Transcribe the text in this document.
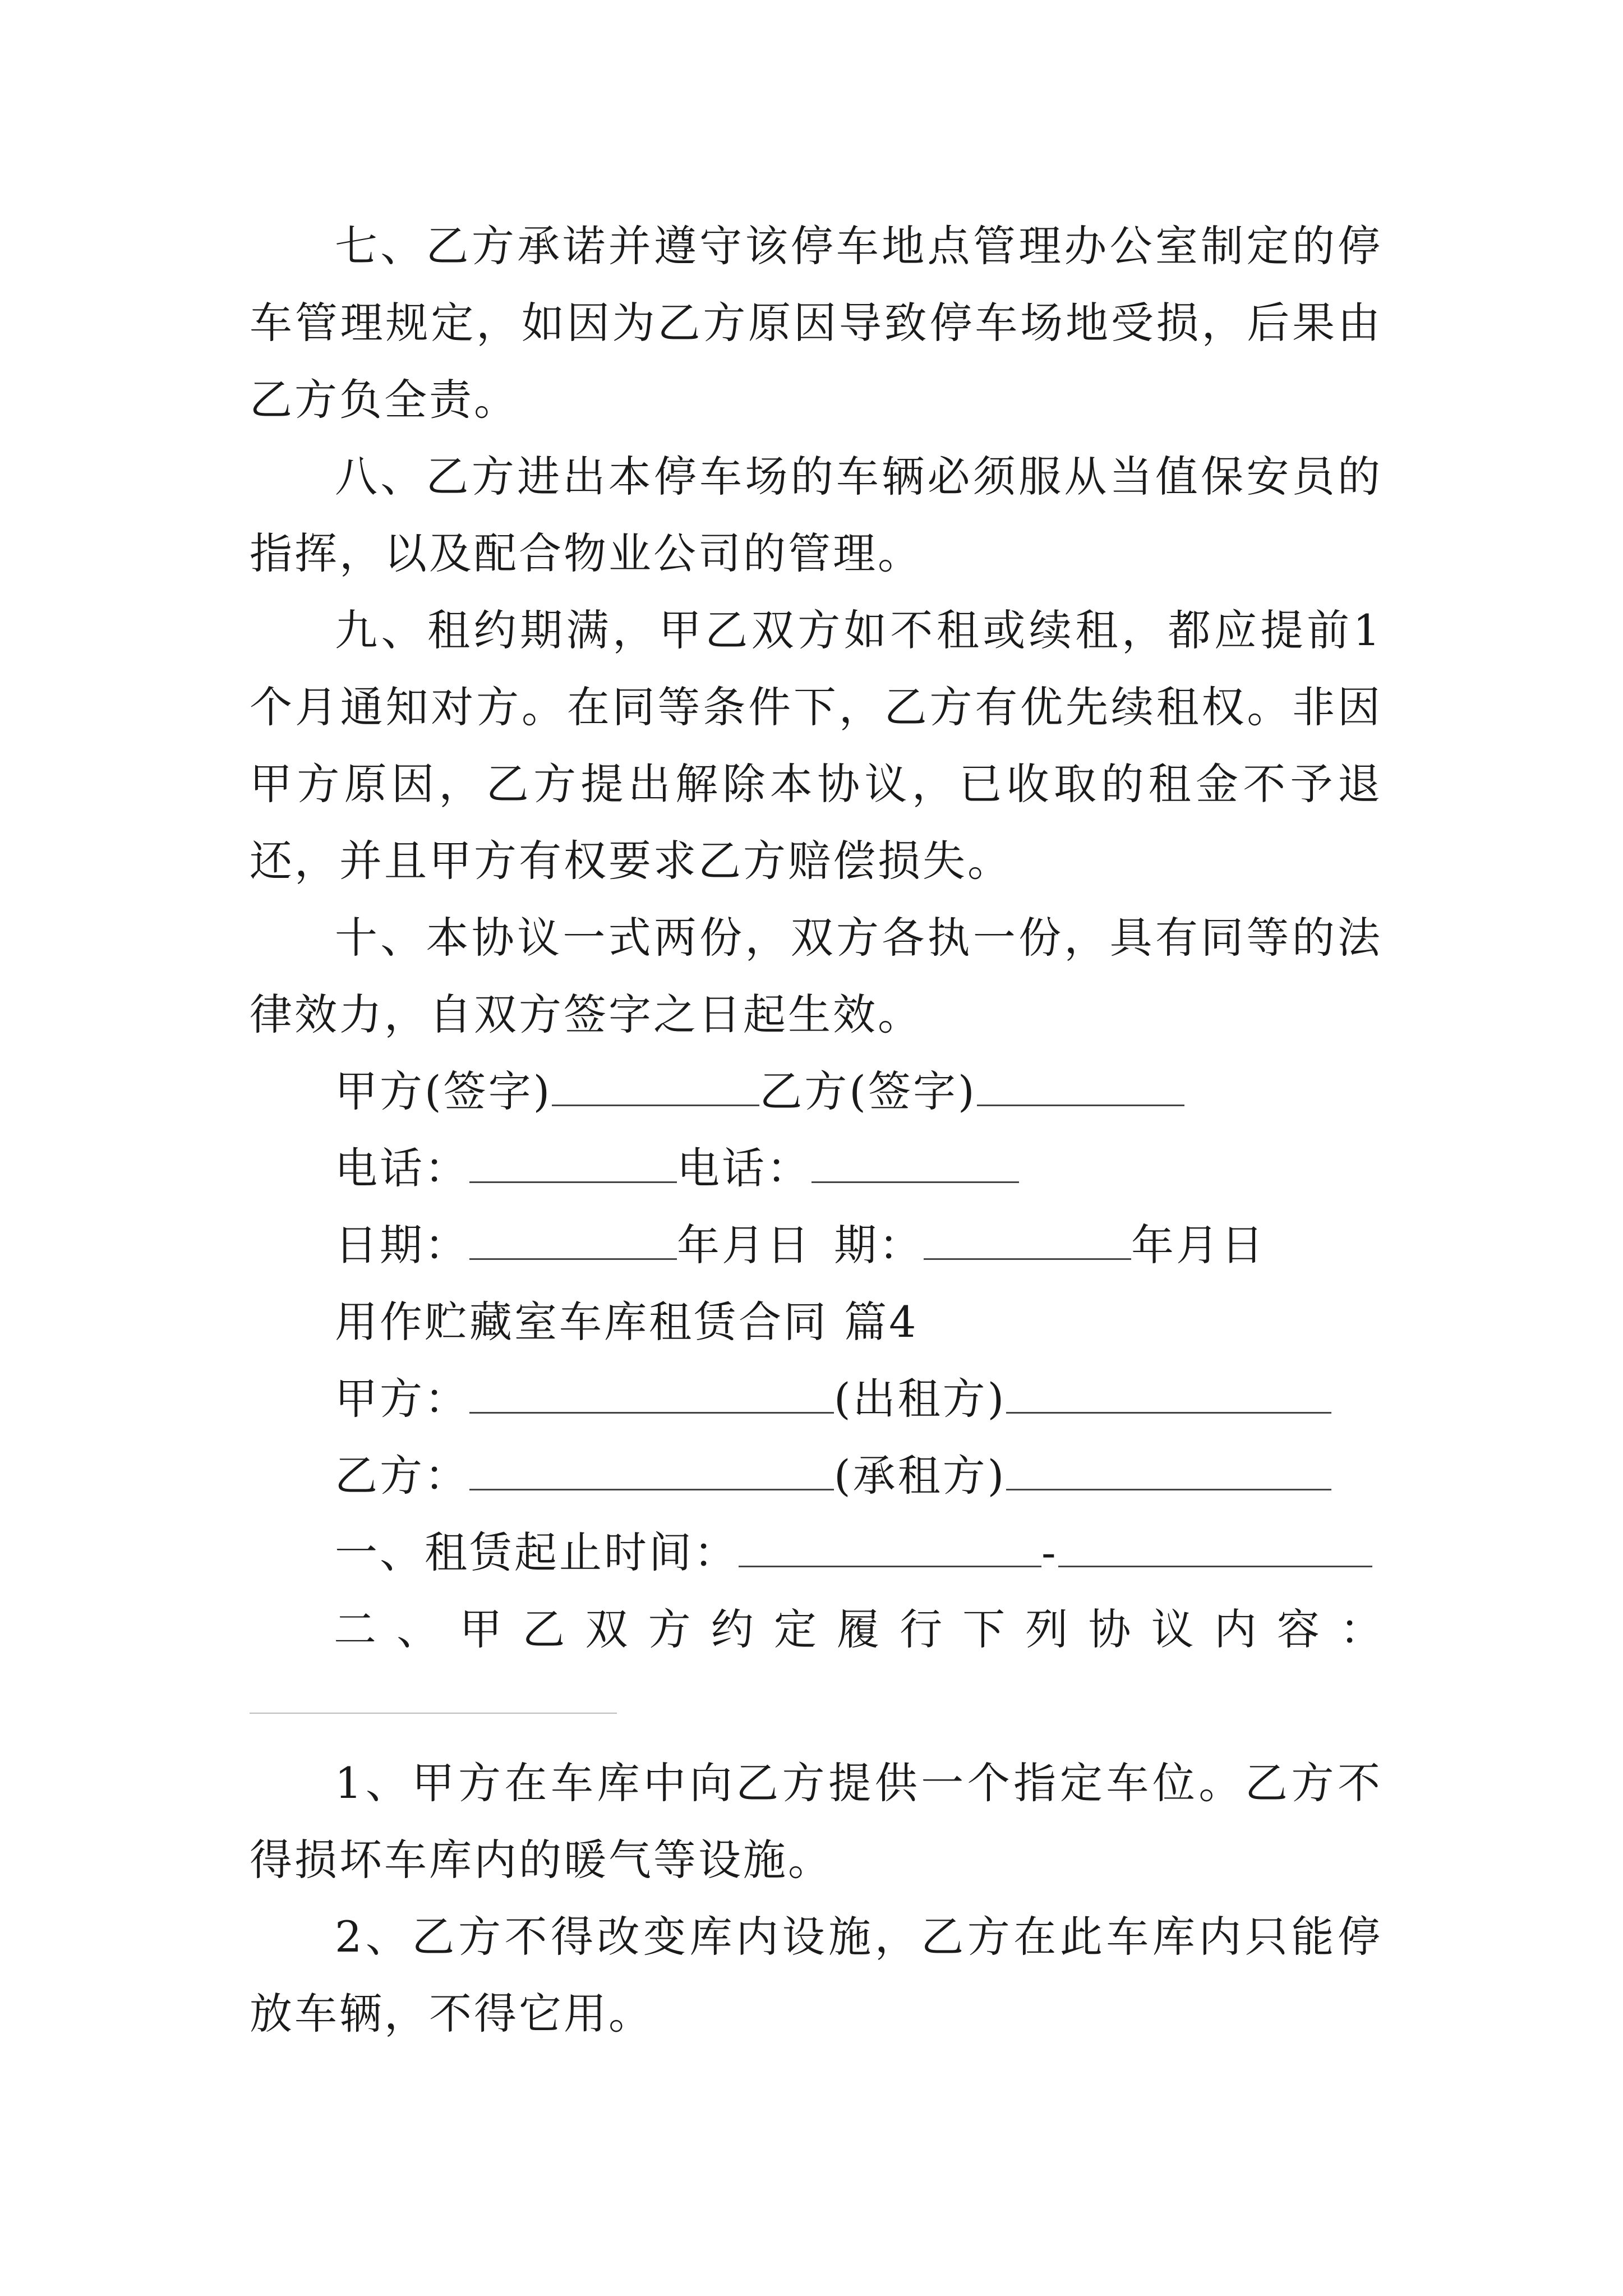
七、乙方承诺并遵守该停车地点管理办公室制定的停车管理规定，如因为乙方原因导致停车场地受损，后果由乙方负全责。

八、乙方进出本停车场的车辆必须服从当值保安员的指挥，以及配合物业公司的管理。

九、租约期满，甲乙双方如不租或续租，都应提前1个月通知对方。在同等条件下，乙方有优先续租权。非因甲方原因，乙方提出解除本协议，已收取的租金不予退还，并且甲方有权要求乙方赔偿损失。

十、本协议一式两份，双方各执一份，具有同等的法律效力，自双方签字之日起生效。

甲方(签字)	乙方(签字)
电话：	电话：
日期：	年月日 期：	年月日
用作贮藏室车库租赁合同 篇4
甲方：	(出租方)
乙方：	(承租方)
一、租赁起止时间：	-

二、甲乙双方约定履行下列协议内容：

1、甲方在车库中向乙方提供一个指定车位。乙方不得损坏车库内的暖气等设施。

2、乙方不得改变库内设施，乙方在此车库内只能停放车辆，不得它用。
